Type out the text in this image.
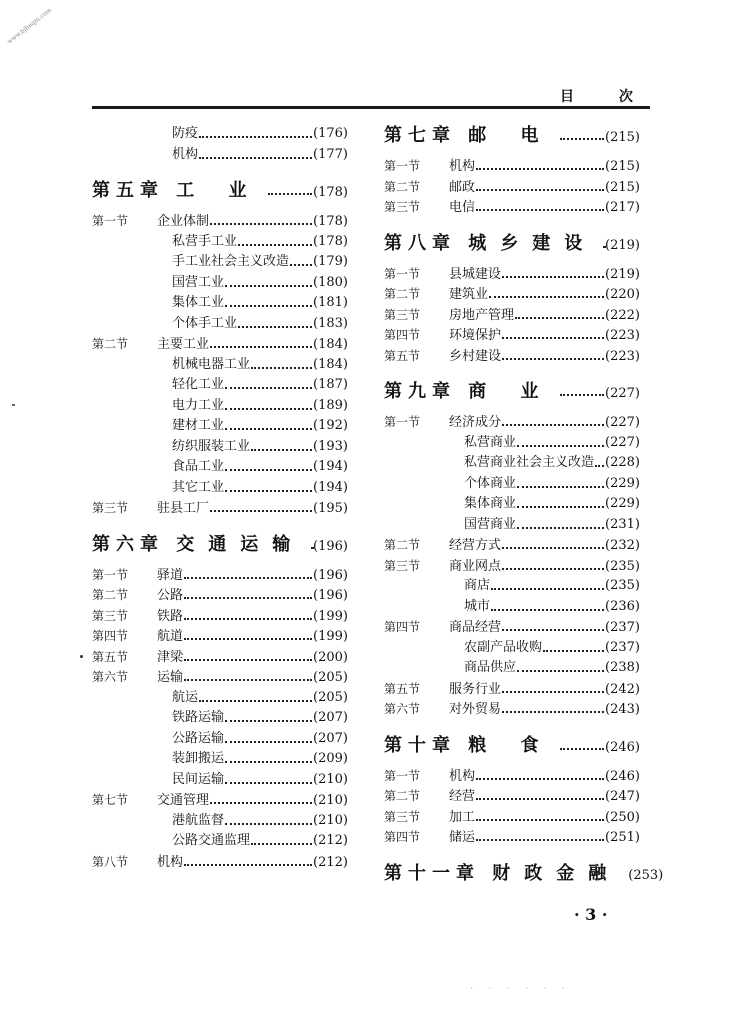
www.bjhnqm.com
目 次
防疫	(176)
机构	(177)
第五章 工 业	(178)
第一节	企业体制	(178)
私营手工业	(178)
手工业社会主义改造 (179)
国营工业	(180)
集体工业	(181)
个体手工业	(183)
第二节	主要工业	(184)
机械电器工业	(184)
轻化工业	(187)
电力工业	(189)
建材工业	(192)
纺织服装工业	(193)
食品工业	(194)
其它工业	(194)
第三节	驻县工厂	(195)
第六章 交通运输 (196)
第一节	驿道	(196)
第二节	公路	(196)
第三节	铁路	(199)
第四节	航道	(199)
第五节	津梁	(200)
第六节	运输	(205)
航运	(205)
铁路运输	(207)
公路运输	(207)
装卸搬运	(209)
民间运输	(210)
第七节	交通管理	(210)
港航监督	(210)
公路交通监理	(212)
第八节	机构	(212)
第七章 邮 电	(215)
第一节	机构	(215)
第二节	邮政	(215)
第三节	电信	(217)
第八章 城乡建设 (219)
第一节	县城建设	(219)
第二节	建筑业	(220)
第三节	房地产管理	(222)
第四节	环境保护	(223)
第五节	乡村建设	(223)
第九章 商 业	(227)
第一节	经济成分	(227)
私营商业	(227)
私营商业社会主义改造 (228)
个体商业	(229)
集体商业	(229)
国营商业	(231)
第二节	经营方式	(232)
第三节	商业网点	(235)
商店	(235)
城市	(236)
第四节	商品经营	(237)
农副产品收购	(237)
商品供应	(238)
第五节	服务行业	(242)
第六节	对外贸易	(243)
第十章 粮 食	(246)
第一节	机构	(246)
第二节	经营	(247)
第三节	加工	(250)
第四节	储运	(251)
第十一章 财政金融 (253)
· 3 ·
· · · · · ·
